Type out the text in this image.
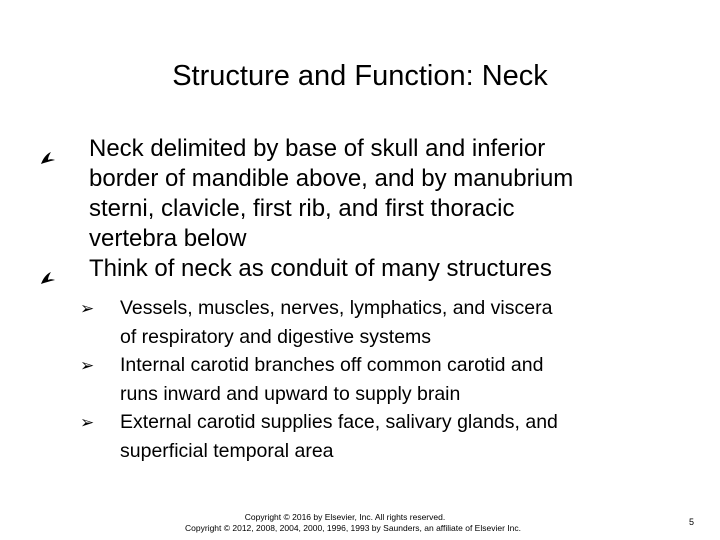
Structure and Function: Neck
Neck delimited by base of skull and inferior
border of mandible above, and by manubrium
sterni, clavicle, first rib, and first thoracic
vertebra below
Think of neck as conduit of many structures
➢ Vessels, muscles, nerves, lymphatics, and viscera
of respiratory and digestive systems
➢ Internal carotid branches off common carotid and
runs inward and upward to supply brain
➢ External carotid supplies face, salivary glands, and
superficial temporal area
Copyright © 2016 by Elsevier, Inc. All rights reserved.
Copyright © 2012, 2008, 2004, 2000, 1996, 1993 by Saunders, an affiliate of Elsevier Inc.
5
